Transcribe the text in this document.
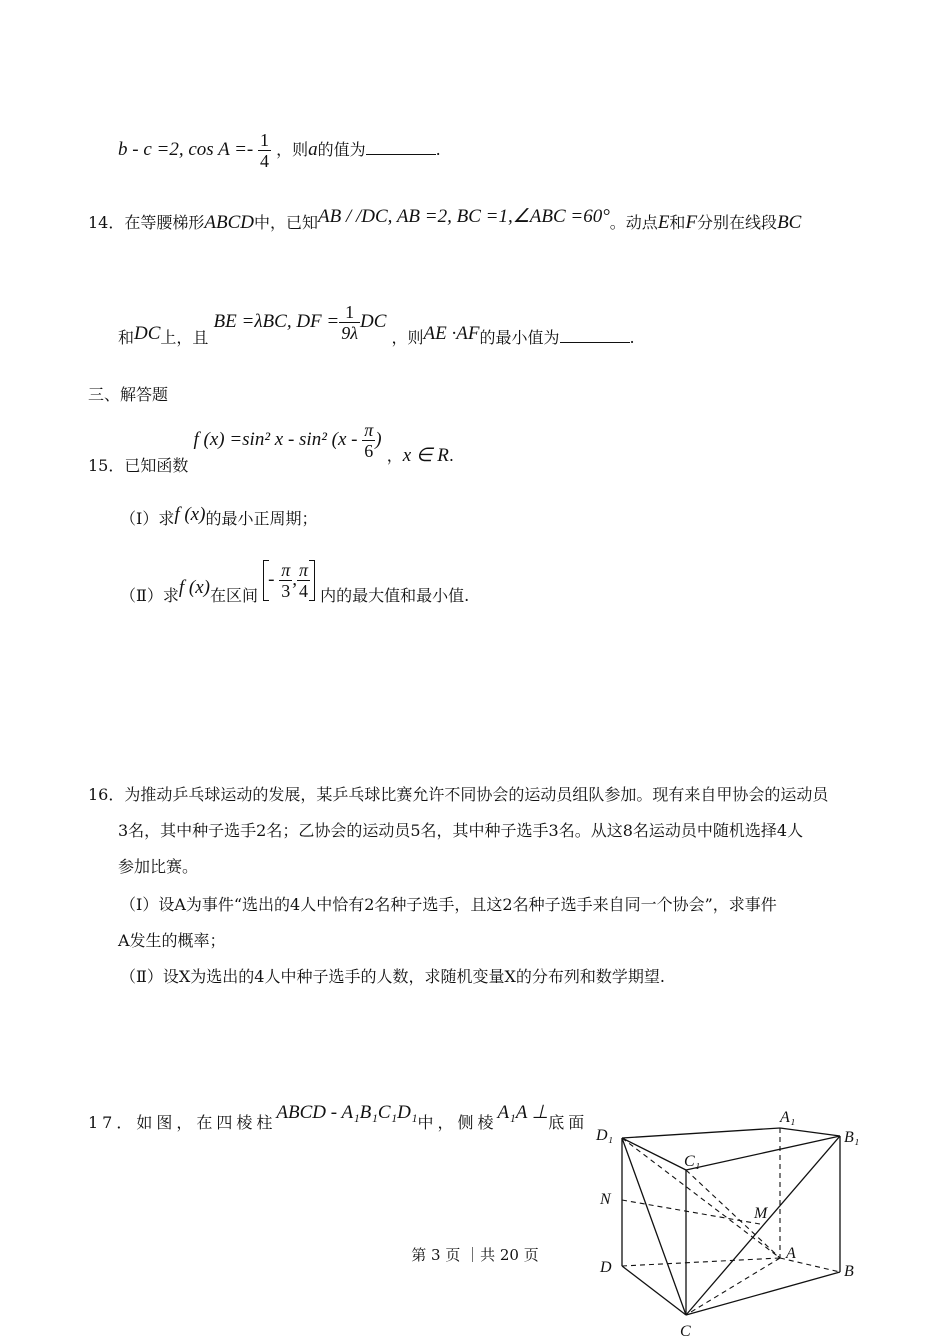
b - c =2, $\cos A =- \frac{1}{4}$ ，则a的值为	.
14．在等腰梯形ABCD中，已知AB / /DC, AB =2, BC =1,∠ABC =60°。动点E和F分别在线段BC
和DC上，且 BE =λBC, DF = $\frac{1}{9\lambda}$ DC ，则AE ·AF的最小值为	.
三、解答题
15．已知函数 f (x) =sin² x - sin² ($x - \frac{\pi}{6}$ ) ，x ∈ R.
（Ⅰ）求f (x)的最小正周期；
（Ⅱ）求f (x)在区间 - $\frac{\pi}{3}$ , $\frac{\pi}{4}$ 内的最大值和最小值.
16．为推动乒乓球运动的发展，某乒乓球比赛允许不同协会的运动员组队参加。现有来自甲协会的运动员
3名，其中种子选手2名；乙协会的运动员5名，其中种子选手3名。从这8名运动员中随机选择4人
参加比赛。
（Ⅰ）设A为事件“选出的4人中恰有2名种子选手，且这2名种子选手来自同一个协会”，求事件
A发生的概率；
（Ⅱ）设X为选出的4人中种子选手的人数，求随机变量X的分布列和数学期望.
17．如图，在四棱柱ABCD - A₁B₁C₁D₁中，侧棱A₁A ⊥底面
D₁
A₁
B₁
C₁
N
M
A
D	B
C
第 3 页 ｜共 20 页
